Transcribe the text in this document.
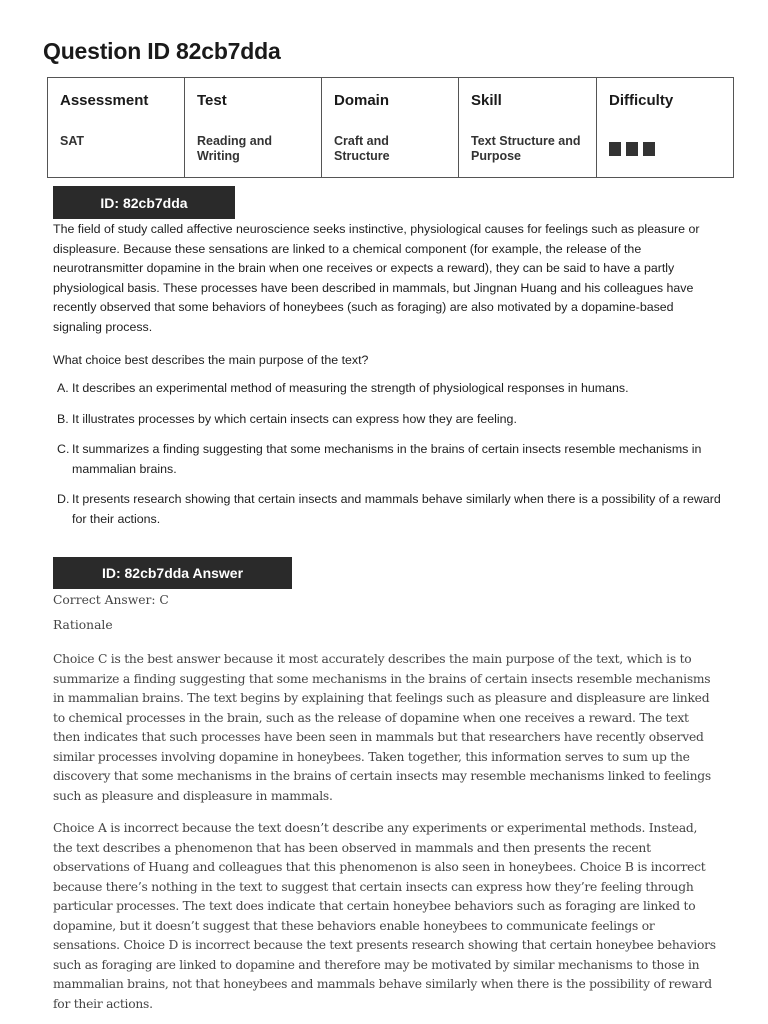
Question ID 82cb7dda
Assessment	Test	Domain	Skill	Difficulty
SAT	Reading and Writing	Craft and Structure	Text Structure and Purpose	
ID: 82cb7dda

The field of study called affective neuroscience seeks instinctive, physiological causes for feelings such as pleasure or displeasure. Because these sensations are linked to a chemical component (for example, the release of the neurotransmitter dopamine in the brain when one receives or expects a reward), they can be said to have a partly physiological basis. These processes have been described in mammals, but Jingnan Huang and his colleagues have recently observed that some behaviors of honeybees (such as foraging) are also motivated by a dopamine-based signaling process.

What choice best describes the main purpose of the text?

A. It describes an experimental method of measuring the strength of physiological responses in humans.
B. It illustrates processes by which certain insects can express how they are feeling.
C. It summarizes a finding suggesting that some mechanisms in the brains of certain insects resemble mechanisms in mammalian brains.
D. It presents research showing that certain insects and mammals behave similarly when there is a possibility of a reward for their actions.
ID: 82cb7dda Answer

Correct Answer: C

Rationale

Choice C is the best answer because it most accurately describes the main purpose of the text, which is to summarize a finding suggesting that some mechanisms in the brains of certain insects resemble mechanisms in mammalian brains. The text begins by explaining that feelings such as pleasure and displeasure are linked to chemical processes in the brain, such as the release of dopamine when one receives a reward. The text then indicates that such processes have been seen in mammals but that researchers have recently observed similar processes involving dopamine in honeybees. Taken together, this information serves to sum up the discovery that some mechanisms in the brains of certain insects may resemble mechanisms linked to feelings such as pleasure and displeasure in mammals.

Choice A is incorrect because the text doesn’t describe any experiments or experimental methods. Instead, the text describes a phenomenon that has been observed in mammals and then presents the recent observations of Huang and colleagues that this phenomenon is also seen in honeybees. Choice B is incorrect because there’s nothing in the text to suggest that certain insects can express how they’re feeling through particular processes. The text does indicate that certain honeybee behaviors such as foraging are linked to dopamine, but it doesn’t suggest that these behaviors enable honeybees to communicate feelings or sensations. Choice D is incorrect because the text presents research showing that certain honeybee behaviors such as foraging are linked to dopamine and therefore may be motivated by similar mechanisms to those in mammalian brains, not that honeybees and mammals behave similarly when there is the possibility of reward for their actions.
